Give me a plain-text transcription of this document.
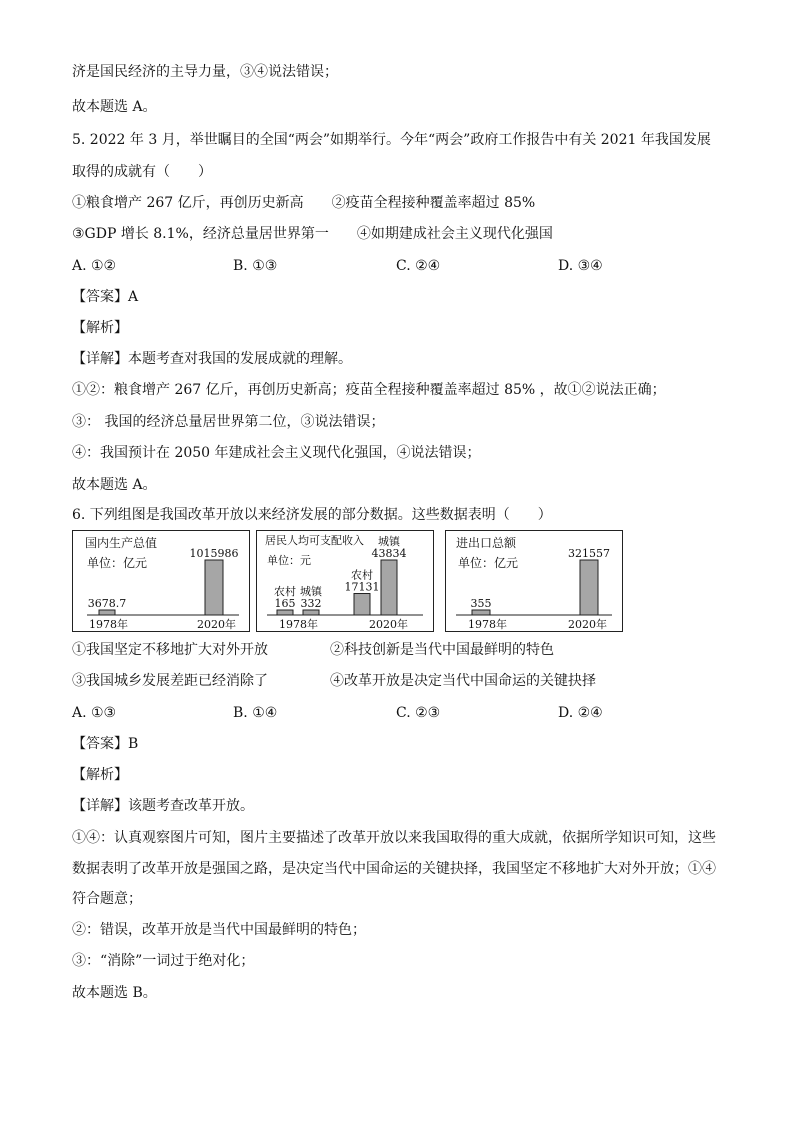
济是国民经济的主导力量，③④说法错误；
故本题选 A。
5. 2022 年 3 月，举世瞩目的全国“两会”如期举行。今年“两会”政府工作报告中有关 2021 年我国发展
取得的成就有（　　）
①粮食增产 267 亿斤，再创历史新高　　②疫苗全程接种覆盖率超过 85%
③GDP 增长 8.1%，经济总量居世界第一　　④如期建成社会主义现代化强国
A. ①②	B. ①③	C. ②④	D. ③④
【答案】A
【解析】
【详解】本题考查对我国的发展成就的理解。
①②：粮食增产 267 亿斤，再创历史新高；疫苗全程接种覆盖率超过 85% ，故①②说法正确；
③： 我国的经济总量居世界第二位，③说法错误；
④：我国预计在 2050 年建成社会主义现代化强国，④说法错误；
故本题选 A。
6. 下列组图是我国改革开放以来经济发展的部分数据。这些数据表明（　　）
国内生产总值
单位：亿元
3678.7
1015986
1978年	2020年
居民人均可支配收入
单位：元
165 332
农村 城镇 17131
43834
农村
城镇
1978年	2020年
进出口总额
单位：亿元
355
321557
1978年	2020年
①我国坚定不移地扩大对外开放	②科技创新是当代中国最鲜明的特色
③我国城乡发展差距已经消除了	④改革开放是决定当代中国命运的关键抉择
A. ①③	B. ①④	C. ②③	D. ②④
【答案】B
【解析】
【详解】该题考查改革开放。
①④：认真观察图片可知，图片主要描述了改革开放以来我国取得的重大成就，依据所学知识可知，这些
数据表明了改革开放是强国之路，是决定当代中国命运的关键抉择，我国坚定不移地扩大对外开放；①④
符合题意；
②：错误，改革开放是当代中国最鲜明的特色；
③：“消除”一词过于绝对化；
故本题选 B。
